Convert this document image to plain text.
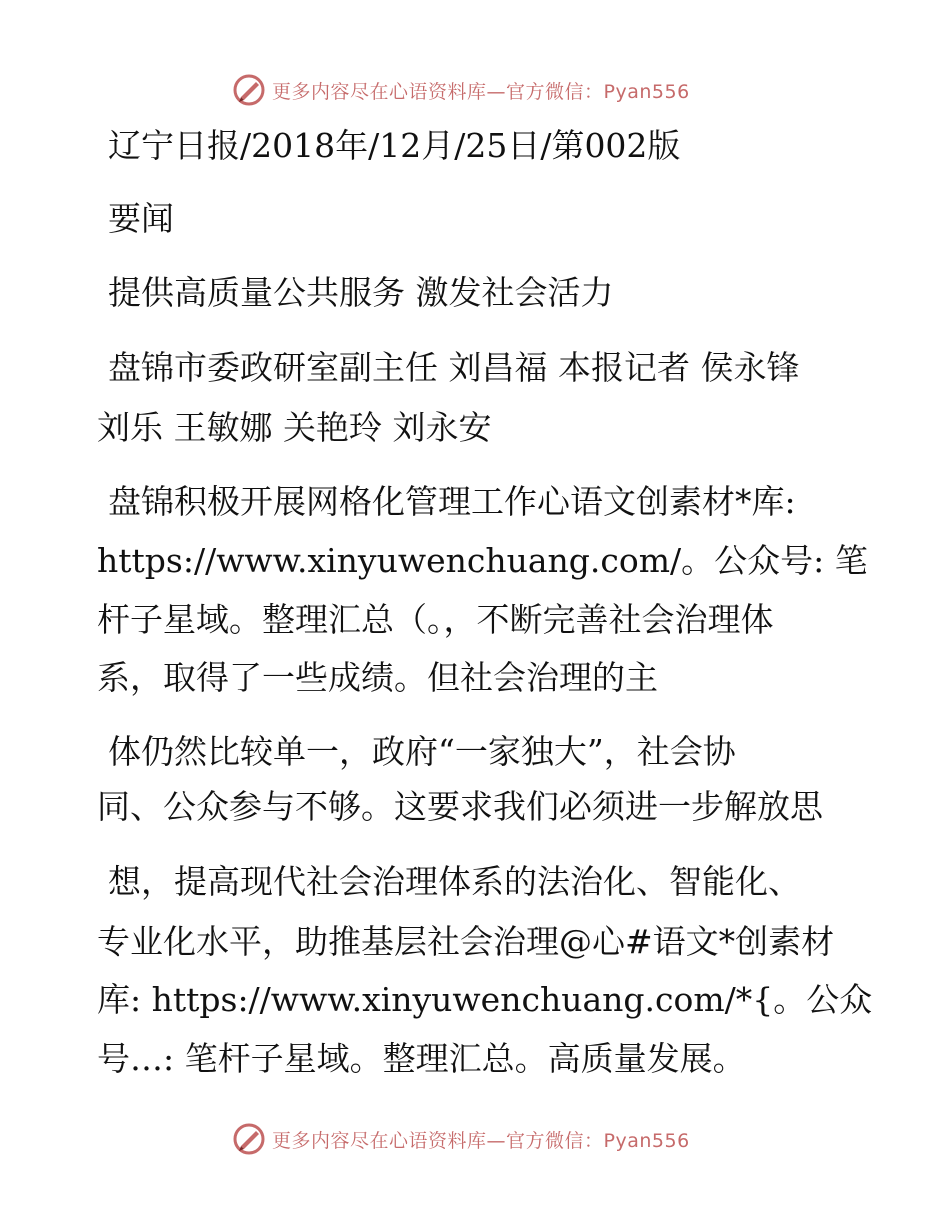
更多内容尽在心语资料库—官方微信：Pyan556
辽宁日报/2018年/12月/25日/第002版
要闻
提供高质量公共服务 激发社会活力
盘锦市委政研室副主任 刘昌福 本报记者 侯永锋
刘乐 王敏娜 关艳玲 刘永安
盘锦积极开展网格化管理工作心语文创素材*库:
https://www.xinyuwenchuang.com/。公众号: 笔
杆子星域。整理汇总（。，不断完善社会治理体
系，取得了一些成绩。但社会治理的主
体仍然比较单一，政府“一家独大”，社会协
同、公众参与不够。这要求我们必须进一步解放思
想，提高现代社会治理体系的法治化、智能化、
专业化水平，助推基层社会治理@心#语文*创素材
库: https://www.xinyuwenchuang.com/*{。公众
号…: 笔杆子星域。整理汇总。高质量发展。
更多内容尽在心语资料库—官方微信：Pyan556
